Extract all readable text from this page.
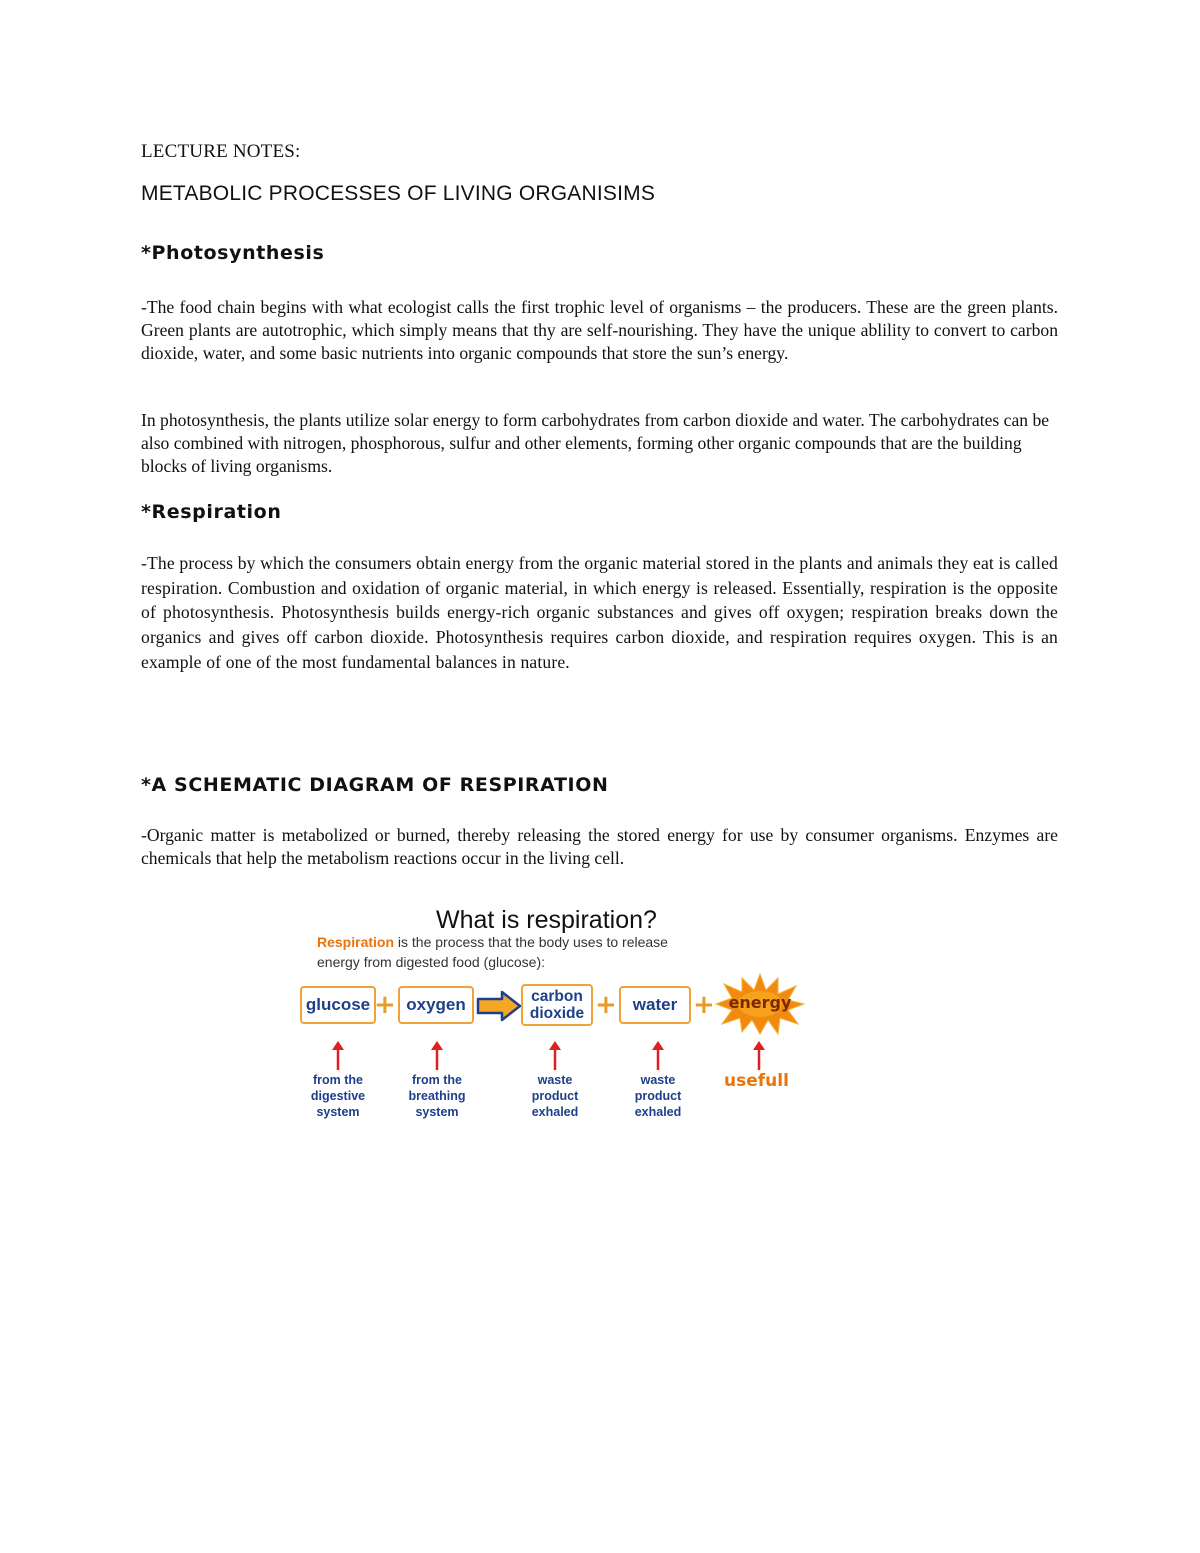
LECTURE NOTES:
METABOLIC PROCESSES OF LIVING ORGANISIMS
*Photosynthesis

-The food chain begins with what ecologist calls the first trophic level of organisms – the producers. These are the green plants. Green plants are autotrophic, which simply means that thy are self-nourishing. They have the unique ablility to convert to carbon dioxide, water, and some basic nutrients into organic compounds that store the sun’s energy.

In photosynthesis, the plants utilize solar energy to form carbohydrates from carbon dioxide and water. The carbohydrates can be also combined with nitrogen, phosphorous, sulfur and other elements, forming other organic compounds that are the building blocks of living organisms.

*Respiration

-The process by which the consumers obtain energy from the organic material stored in the plants and animals they eat is called respiration. Combustion and oxidation of organic material, in which energy is released. Essentially, respiration is the opposite of photosynthesis. Photosynthesis builds energy-rich organic substances and gives off oxygen; respiration breaks down the organics and gives off carbon dioxide. Photosynthesis requires carbon dioxide, and respiration requires oxygen. This is an example of one of the most fundamental balances in nature.

*A SCHEMATIC DIAGRAM OF RESPIRATION

-Organic matter is metabolized or burned, thereby releasing the stored energy for use by consumer organisms. Enzymes are chemicals that help the metabolism reactions occur in the living cell.

What is respiration?
Respiration is the process that the body uses to release
energy from digested food (glucose):
glucose + oxygen	carbon
dioxide + water + energy
from the
digestive
system
from the
breathing
system
waste
product
exhaled
waste
product
exhaled
usefull
